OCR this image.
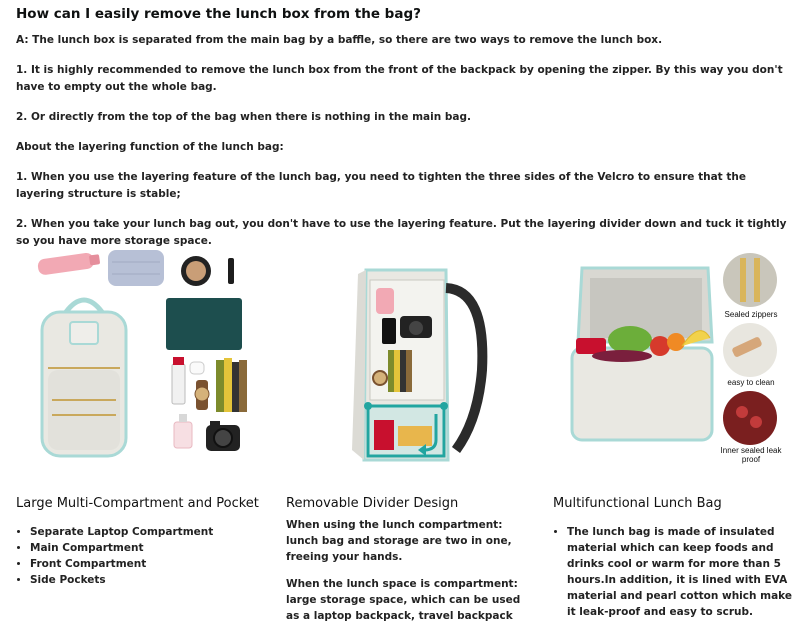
How can I easily remove the lunch box from the bag?

A: The lunch box is separated from the main bag by a baffle, so there are two ways to remove the lunch box.

1. It is highly recommended to remove the lunch box from the front of the backpack by opening the zipper. By this way you don't have to empty out the whole bag.

2. Or directly from the top of the bag when there is nothing in the main bag.

About the layering function of the lunch bag:

1. When you use the layering feature of the lunch bag, you need to tighten the three sides of the Velcro to ensure that the layering structure is stable;

2. When you take your lunch bag out, you don't have to use the layering feature. Put the layering divider down and tuck it tightly so you have more storage space.

Sealed zippers
easy to clean
Inner sealed leak proof
Large Multi-Compartment and Pocket Removable Divider Design	Multifunctional Lunch Bag
• Separate Laptop Compartment
• Main Compartment
• Front Compartment
• Side Pockets

When using the lunch compartment: lunch bag and storage are two in one, freeing your hands.

When the lunch space is compartment: large storage space, which can be used as a laptop backpack, travel backpack

• The lunch bag is made of insulated material which can keep foods and drinks cool or warm for more than 5 hours.In addition, it is lined with EVA material and pearl cotton which make it leak-proof and easy to scrub.
